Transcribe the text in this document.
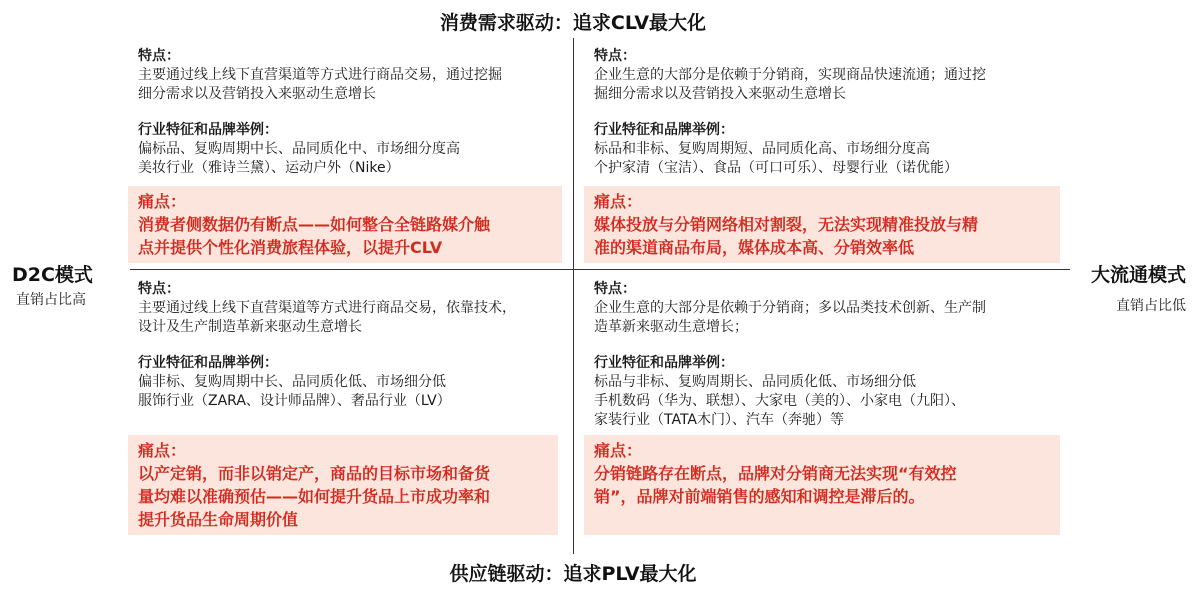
消费需求驱动：追求CLV最大化
供应链驱动：追求PLV最大化
D2C模式
直销占比高
大流通模式
直销占比低
特点：
主要通过线上线下直营渠道等方式进行商品交易，通过挖掘
细分需求以及营销投入来驱动生意增长
行业特征和品牌举例：
偏标品、复购周期中长、品同质化中、市场细分度高
美妆行业（雅诗兰黛）、运动户外（Nike）
痛点：
消费者侧数据仍有断点——如何整合全链路媒介触
点并提供个性化消费旅程体验，以提升CLV
特点：
企业生意的大部分是依赖于分销商，实现商品快速流通；通过挖
掘细分需求以及营销投入来驱动生意增长
行业特征和品牌举例：
标品和非标、复购周期短、品同质化高、市场细分度高
个护家清（宝洁）、食品（可口可乐）、母婴行业（诺优能）
痛点：
媒体投放与分销网络相对割裂，无法实现精准投放与精
准的渠道商品布局，媒体成本高、分销效率低
特点：
主要通过线上线下直营渠道等方式进行商品交易，依靠技术，
设计及生产制造革新来驱动生意增长
行业特征和品牌举例：
偏非标、复购周期中长、品同质化低、市场细分低
服饰行业（ZARA、设计师品牌）、奢品行业（LV）
痛点：
以产定销，而非以销定产，商品的目标市场和备货
量均难以准确预估——如何提升货品上市成功率和
提升货品生命周期价值
特点：
企业生意的大部分是依赖于分销商；多以品类技术创新、生产制
造革新来驱动生意增长；
行业特征和品牌举例：
标品与非标、复购周期长、品同质化低、市场细分低
手机数码（华为、联想）、大家电（美的）、小家电（九阳）、
家装行业（TATA木门）、汽车（奔驰）等
痛点：
分销链路存在断点，品牌对分销商无法实现“有效控
销”，品牌对前端销售的感知和调控是滞后的。
